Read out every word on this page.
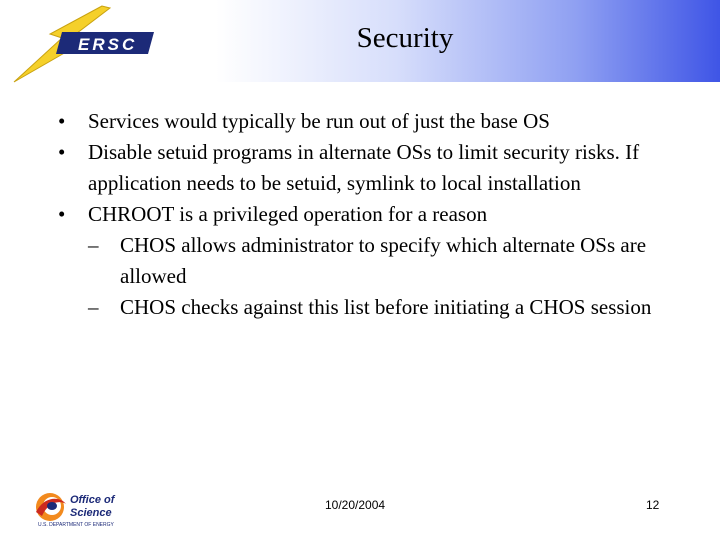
ERSC	Security
• Services would typically be run out of just the base OS
• Disable setuid programs in alternate OSs to limit security risks. If application needs to be setuid, symlink to local installation
• CHROOT is a privileged operation for a reason
– CHOS allows administrator to specify which alternate OSs are allowed
– CHOS checks against this list before initiating a CHOS session
Office of
Science
U.S. DEPARTMENT OF ENERGY
10/20/2004	12
